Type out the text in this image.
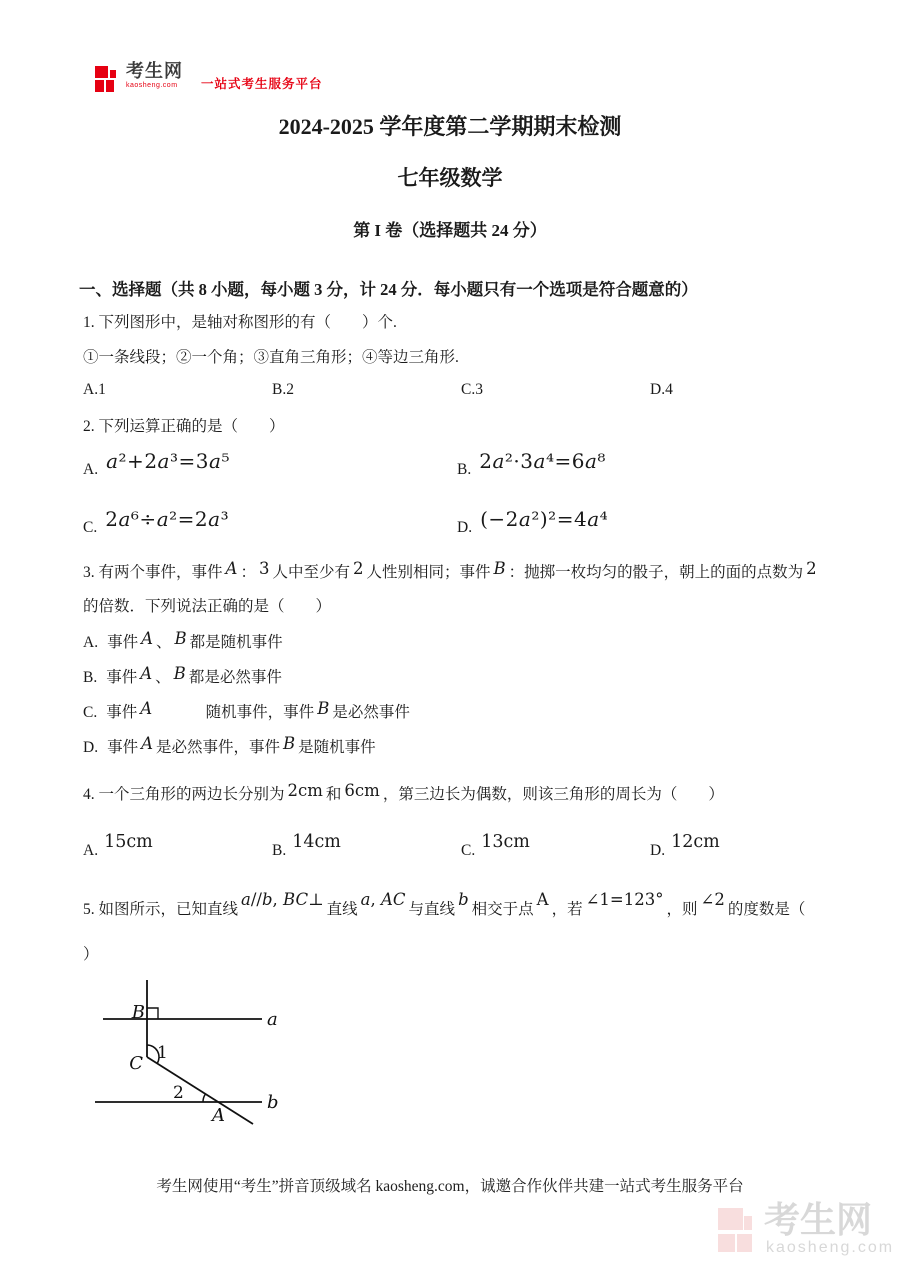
考生网
kaosheng.com	一站式考生服务平台
2024-2025 学年度第二学期期末检测
七年级数学
第 I 卷（选择题共 24 分）
一、选择题（共 8 小题，每小题 3 分，计 24 分．每小题只有一个选项是符合题意的）
1. 下列图形中，是轴对称图形的有（　　）个.
①一条线段；②一个角；③直角三角形；④等边三角形.
A.1	B.2	C.3	D.4
2. 下列运算正确的是（　　）
A. a²+2a³=3a⁵	B. 2a²·3a⁴=6a⁸
C. 2a⁶÷a²=2a³	D. (−2a²)²=4a⁴
3. 有两个事件，事件 A ： 3 人中至少有 2 人性别相同；事件 B ：抛掷一枚均匀的骰子，朝上的面的点数为 2
的倍数．下列说法正确的是（　　）
A. 事件 A 、 B 都是随机事件
B. 事件 A 、 B 都是必然事件
C. 事件 A　　　	随机事件，事件 B 是必然事件
D. 事件 A 是必然事件，事件 B 是随机事件
4. 一个三角形的两边长分别为 2cm 和 6cm ，第三边长为偶数，则该三角形的周长为（　　）
A. 15cm	B. 14cm	C. 13cm	D. 12cm
5. 如图所示，已知直线a//b, BC⊥直线a, AC与直线b相交于点A，若∠1=123°，则∠2的度数是（
）
B
C
a
b
1
2
A
考生网使用“考生”拼音顶级域名 kaosheng.com，诚邀合作伙伴共建一站式考生服务平台
考生网
kaosheng.com
